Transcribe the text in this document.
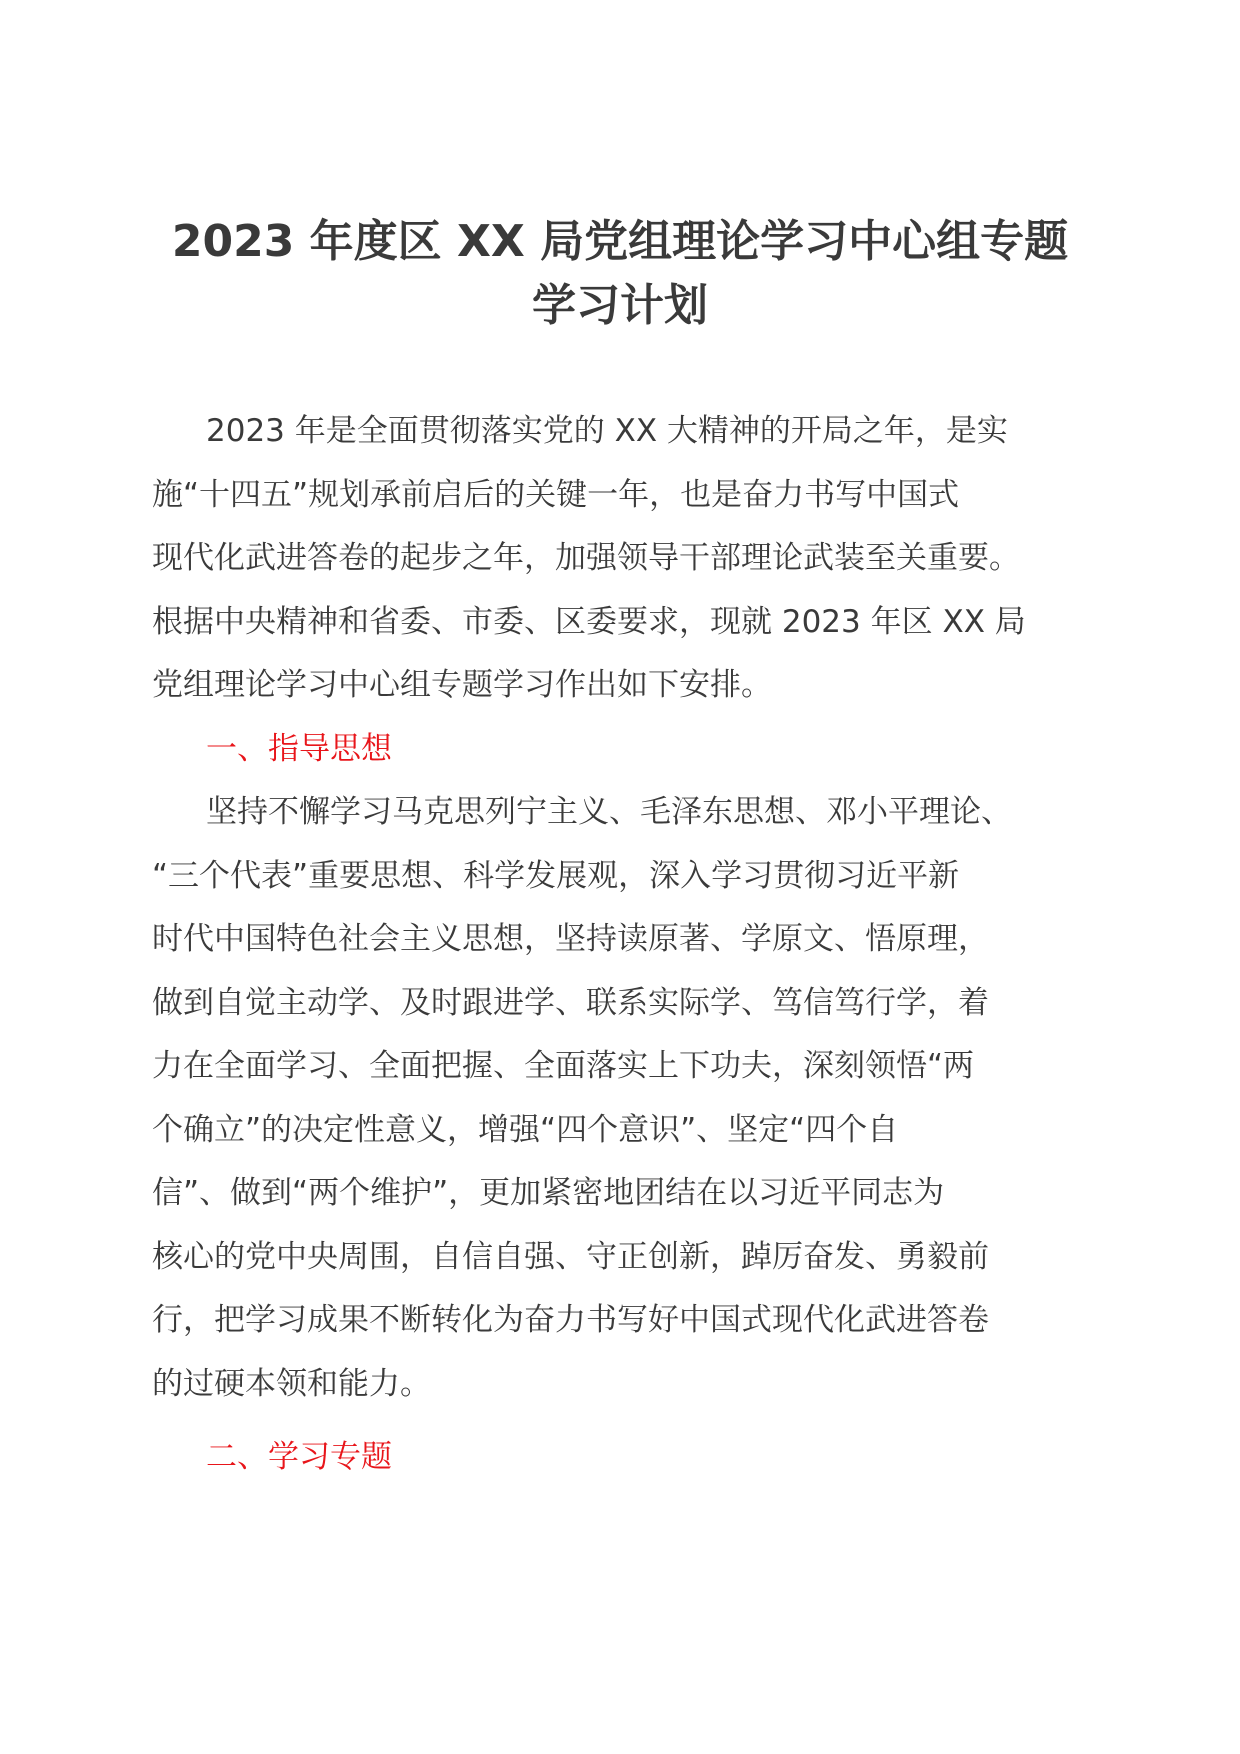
2023 年度区 XX 局党组理论学习中心组专题
学习计划

2023 年是全面贯彻落实党的 XX 大精神的开局之年，是实
施“十四五”规划承前启后的关键一年，也是奋力书写中国式
现代化武进答卷的起步之年，加强领导干部理论武装至关重要。
根据中央精神和省委、市委、区委要求，现就 2023 年区 XX 局
党组理论学习中心组专题学习作出如下安排。

一、指导思想

坚持不懈学习马克思列宁主义、毛泽东思想、邓小平理论、
“三个代表”重要思想、科学发展观，深入学习贯彻习近平新
时代中国特色社会主义思想，坚持读原著、学原文、悟原理，
做到自觉主动学、及时跟进学、联系实际学、笃信笃行学，着
力在全面学习、全面把握、全面落实上下功夫，深刻领悟“两
个确立”的决定性意义，增强“四个意识”、坚定“四个自
信”、做到“两个维护”，更加紧密地团结在以习近平同志为
核心的党中央周围，自信自强、守正创新，踔厉奋发、勇毅前
行，把学习成果不断转化为奋力书写好中国式现代化武进答卷
的过硬本领和能力。

二、学习专题
